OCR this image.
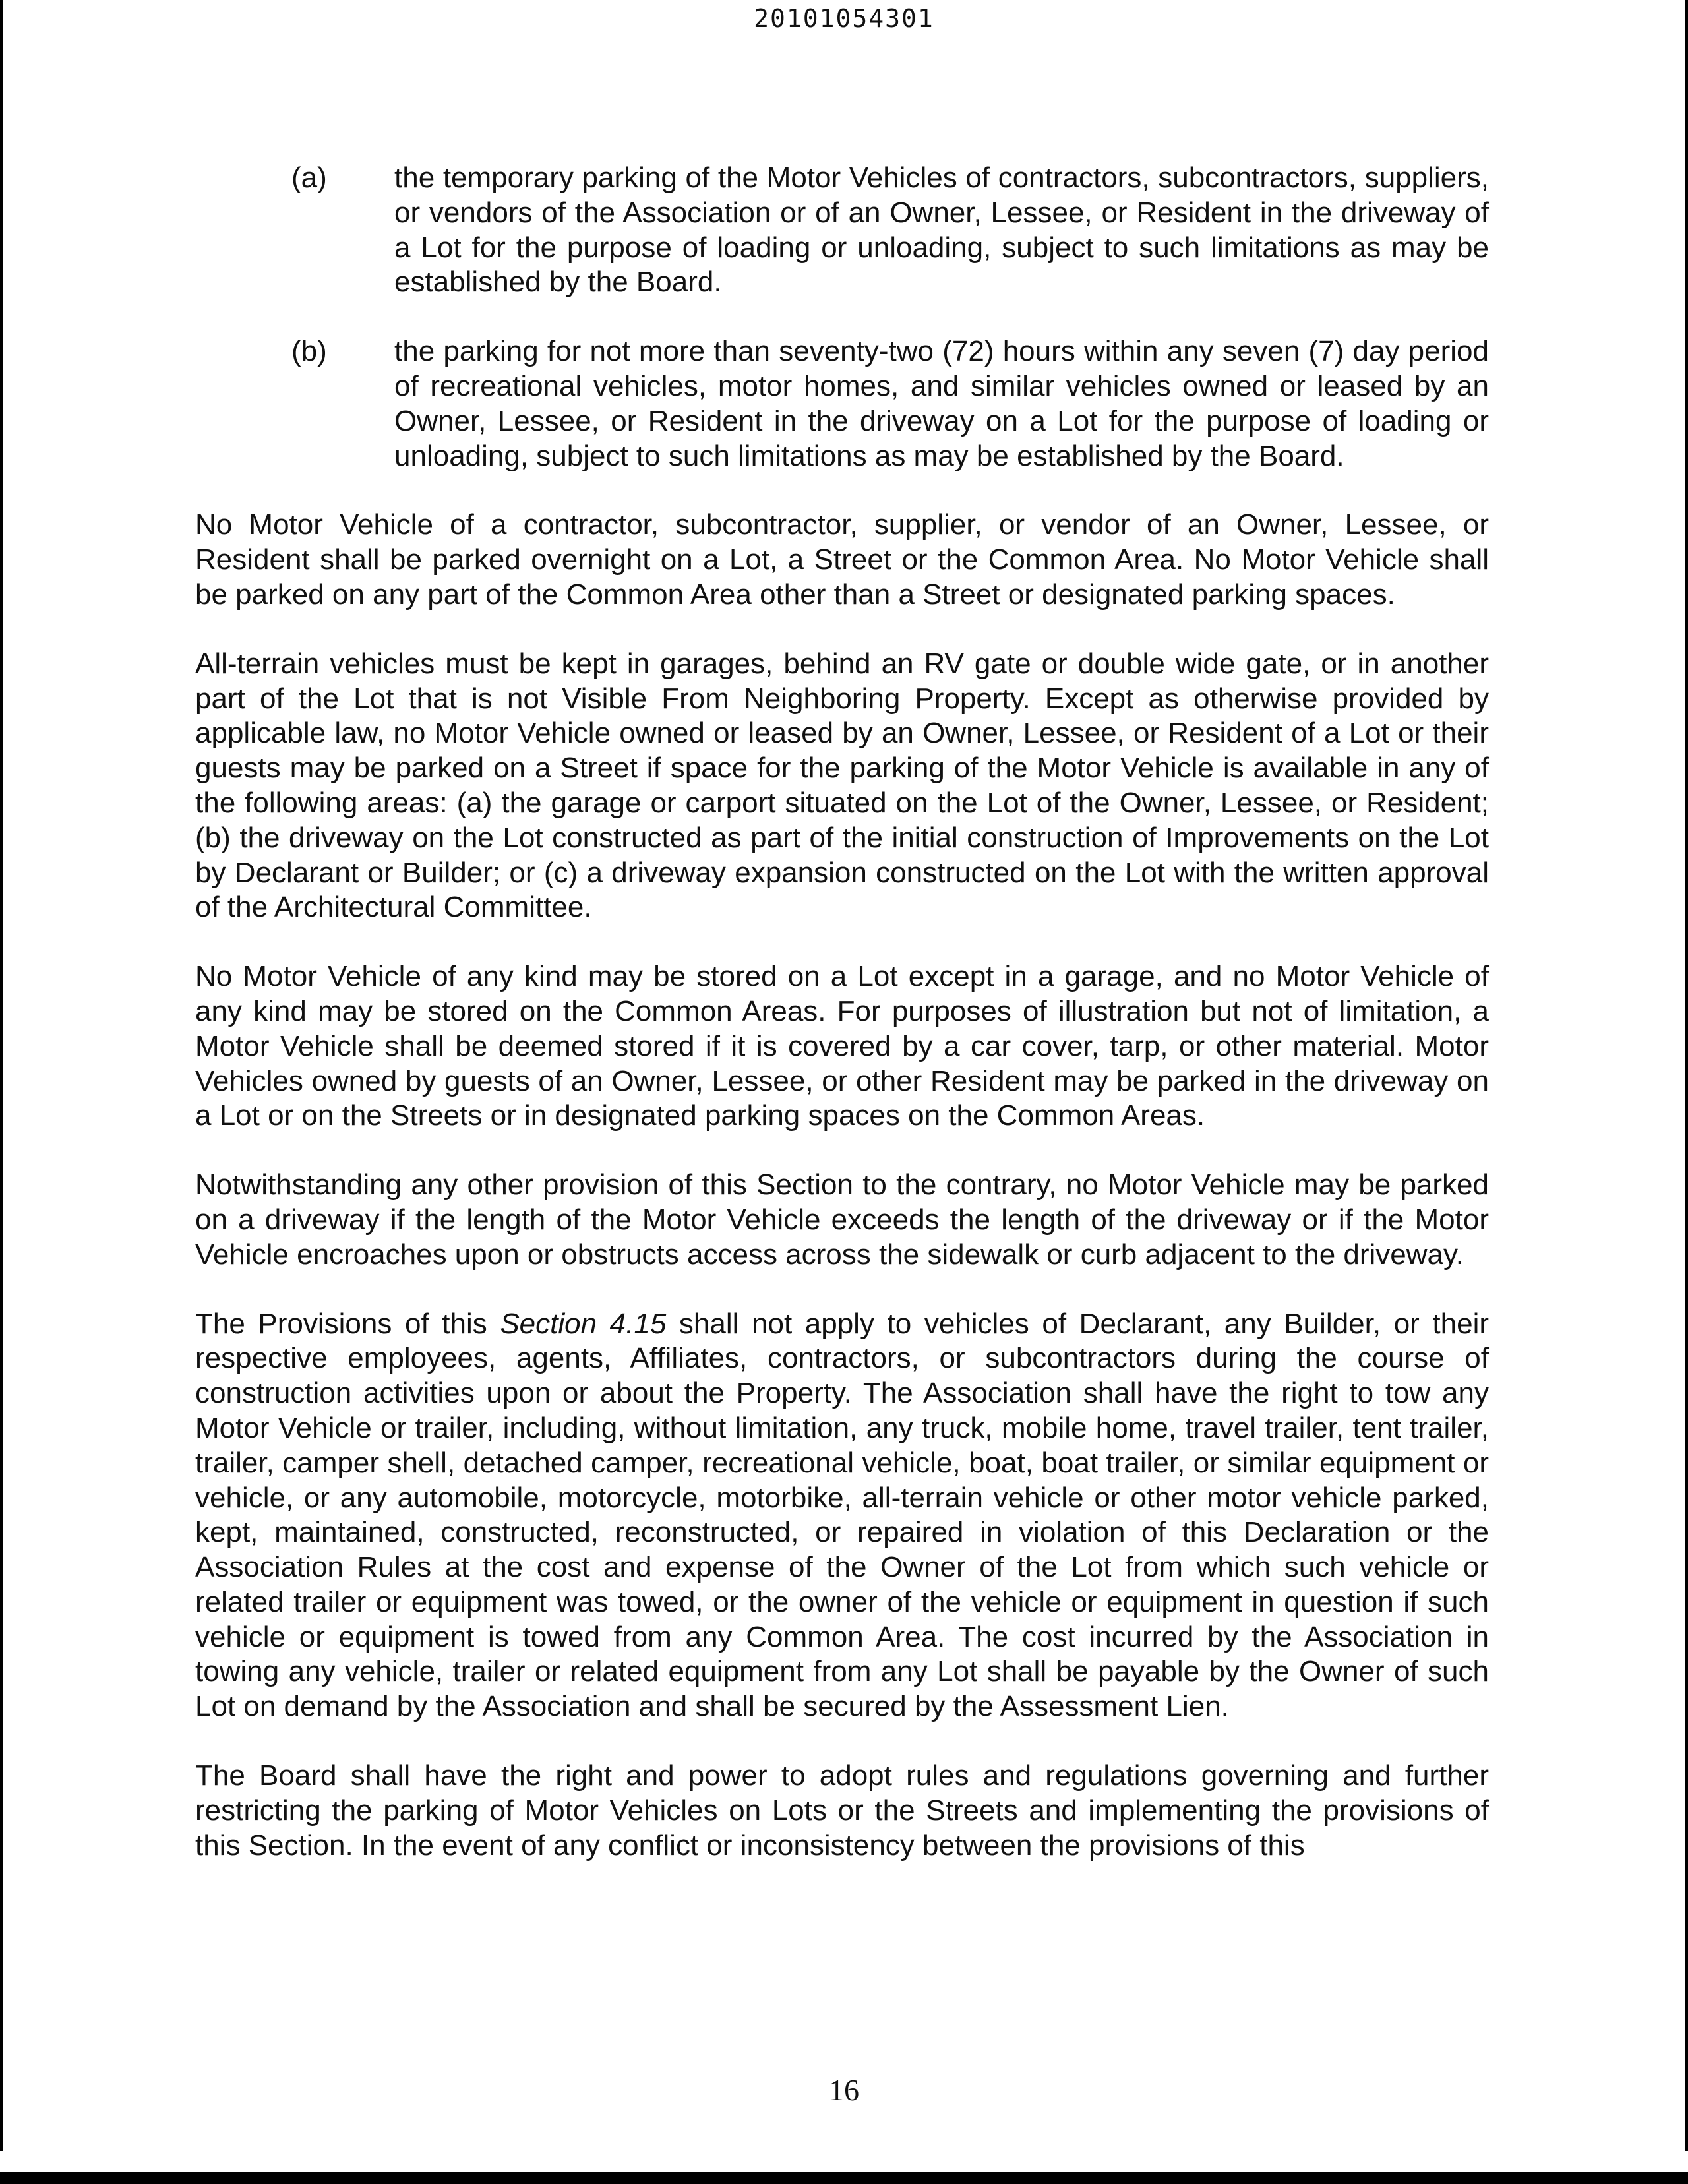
20101054301
(a)	the temporary parking of the Motor Vehicles of contractors, subcontractors, suppliers, or vendors of the Association or of an Owner, Lessee, or Resident in the driveway of a Lot for the purpose of loading or unloading, subject to such limitations as may be established by the Board.
(b)	the parking for not more than seventy-two (72) hours within any seven (7) day period of recreational vehicles, motor homes, and similar vehicles owned or leased by an Owner, Lessee, or Resident in the driveway on a Lot for the purpose of loading or unloading, subject to such limitations as may be established by the Board.

No Motor Vehicle of a contractor, subcontractor, supplier, or vendor of an Owner, Lessee, or Resident shall be parked overnight on a Lot, a Street or the Common Area. No Motor Vehicle shall be parked on any part of the Common Area other than a Street or designated parking spaces.

All-terrain vehicles must be kept in garages, behind an RV gate or double wide gate, or in another part of the Lot that is not Visible From Neighboring Property. Except as otherwise provided by applicable law, no Motor Vehicle owned or leased by an Owner, Lessee, or Resident of a Lot or their guests may be parked on a Street if space for the parking of the Motor Vehicle is available in any of the following areas: (a) the garage or carport situated on the Lot of the Owner, Lessee, or Resident; (b) the driveway on the Lot constructed as part of the initial construction of Improvements on the Lot by Declarant or Builder; or (c) a driveway expansion constructed on the Lot with the written approval of the Architectural Committee.

No Motor Vehicle of any kind may be stored on a Lot except in a garage, and no Motor Vehicle of any kind may be stored on the Common Areas. For purposes of illustration but not of limitation, a Motor Vehicle shall be deemed stored if it is covered by a car cover, tarp, or other material. Motor Vehicles owned by guests of an Owner, Lessee, or other Resident may be parked in the driveway on a Lot or on the Streets or in designated parking spaces on the Common Areas.

Notwithstanding any other provision of this Section to the contrary, no Motor Vehicle may be parked on a driveway if the length of the Motor Vehicle exceeds the length of the driveway or if the Motor Vehicle encroaches upon or obstructs access across the sidewalk or curb adjacent to the driveway.

The Provisions of this Section 4.15 shall not apply to vehicles of Declarant, any Builder, or their respective employees, agents, Affiliates, contractors, or subcontractors during the course of construction activities upon or about the Property. The Association shall have the right to tow any Motor Vehicle or trailer, including, without limitation, any truck, mobile home, travel trailer, tent trailer, trailer, camper shell, detached camper, recreational vehicle, boat, boat trailer, or similar equipment or vehicle, or any automobile, motorcycle, motorbike, all-terrain vehicle or other motor vehicle parked, kept, maintained, constructed, reconstructed, or repaired in violation of this Declaration or the Association Rules at the cost and expense of the Owner of the Lot from which such vehicle or related trailer or equipment was towed, or the owner of the vehicle or equipment in question if such vehicle or equipment is towed from any Common Area. The cost incurred by the Association in towing any vehicle, trailer or related equipment from any Lot shall be payable by the Owner of such Lot on demand by the Association and shall be secured by the Assessment Lien.

The Board shall have the right and power to adopt rules and regulations governing and further restricting the parking of Motor Vehicles on Lots or the Streets and implementing the provisions of this Section. In the event of any conflict or inconsistency between the provisions of this

16
